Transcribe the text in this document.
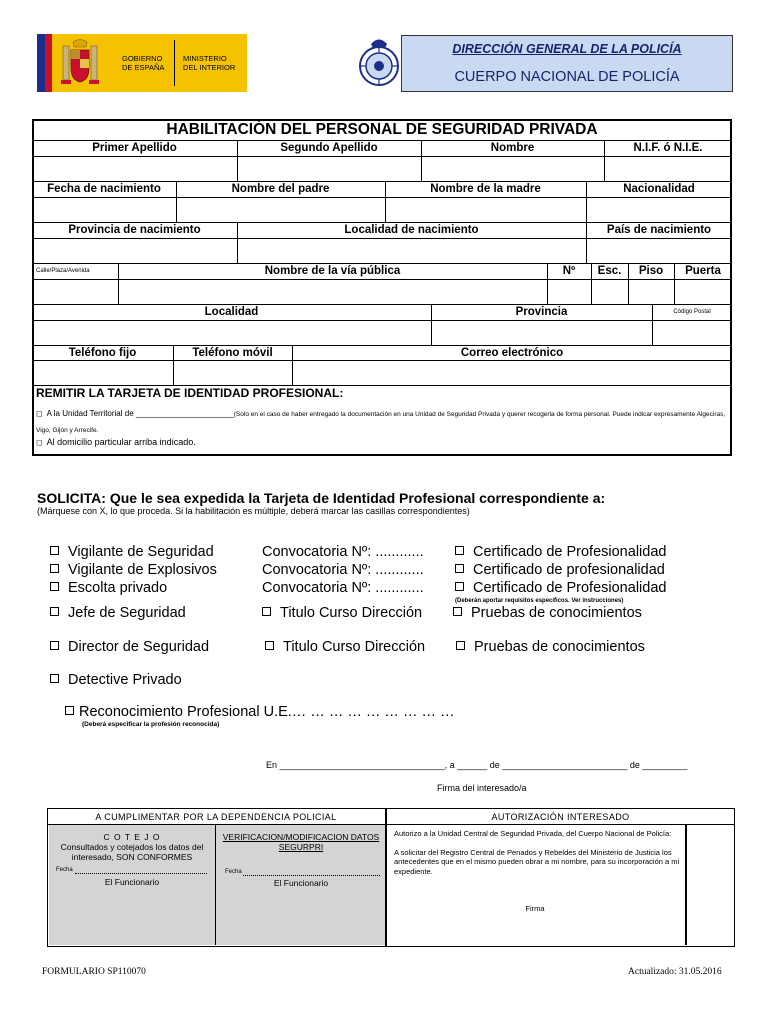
GOBIERNO
DE ESPAÑA
MINISTERIO
DEL INTERIOR
DIRECCIÓN GENERAL DE LA POLICÍA
CUERPO NACIONAL DE POLICÍA
HABILITACIÓN DEL PERSONAL DE SEGURIDAD PRIVADA
Primer Apellido	Segundo Apellido	Nombre	N.I.F. ó N.I.E.
Fecha de nacimiento	Nombre del padre	Nombre de la madre	Nacionalidad
Provincia de nacimiento	Localidad de nacimiento	País de nacimiento
Calle/Plaza/Avenida	Nombre de la vía pública	Nº	Esc.	Piso	Puerta
Localidad	Provincia	Código Postal
Teléfono fijo	Teléfono móvil	Correo electrónico
REMITIR LA TARJETA DE IDENTIDAD PROFESIONAL:
◻ A la Unidad Territorial de ______________________(Solo en el caso de haber entregado la documentación en una Unidad de Seguridad Privada y querer recogerla de forma personal. Puede indicar expresamente Algeciras, Vigo, Gijón y Arrecife.
◻ Al domicilio particular arriba indicado.
SOLICITA: Que le sea expedida la Tarjeta de Identidad Profesional correspondiente a:
(Márquese con X, lo que proceda. Si la habilitación es múltiple, deberá marcar las casillas correspondientes)
Vigilante de Seguridad	Convocatoria Nº: ............	Certificado de Profesionalidad
Vigilante de Explosivos	Convocatoria Nº: ............	Certificado de profesionalidad
Escolta privado	Convocatoria Nº: ............	Certificado de Profesionalidad
(Deberán aportar requisitos específicos. Ver instrucciones)
Jefe de Seguridad	Titulo Curso Dirección	Pruebas de conocimientos
Director de Seguridad	Titulo Curso Dirección	Pruebas de conocimientos
Detective Privado
Reconocimiento Profesional U.E.… … … … … … … … …
(Deberá especificar la profesión reconocida)
En _________________________________, a ______ de _________________________ de _________
Firma del interesado/a
A CUMPLIMENTAR POR LA DEPENDENCIA POLICIAL	AUTORIZACIÓN INTERESADO
C O T E J O
Consultados y cotejados los datos del interesado, SON CONFORMES
Fecha
El Funcionario
VERIFICACION/MODIFICACION DATOS SEGURPRI
Fecha
El Funcionario
Autorizo a la Unidad Central de Seguridad Privada, del Cuerpo Nacional de Policía:
A solicitar del Registro Central de Penados y Rebeldes del Ministerio de Justicia los antecedentes que en el mismo pueden obrar a mi nombre, para su incorporación a mi expediente.
Firma
FORMULARIO SP110070	Actualizado: 31.05.2016
